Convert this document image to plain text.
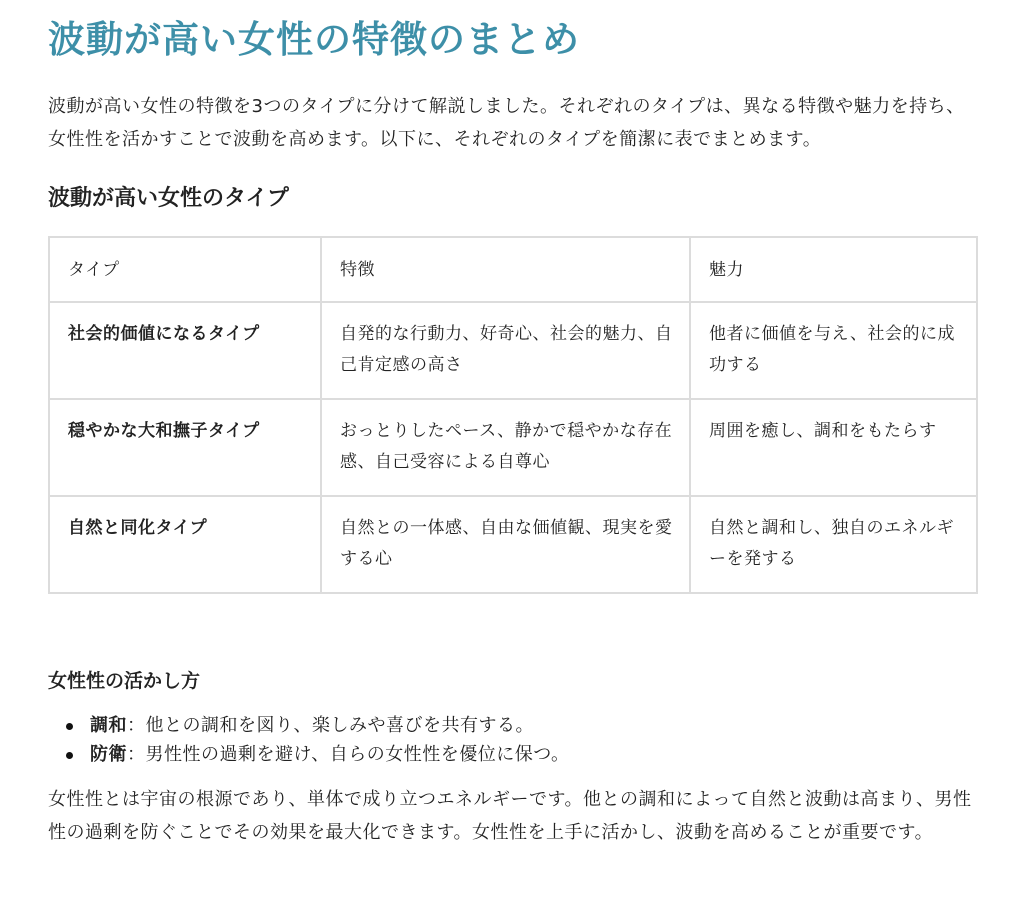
波動が高い女性の特徴のまとめ

波動が高い女性の特徴を3つのタイプに分けて解説しました。それぞれのタイプは、異なる特徴や魅力を持ち、女性性を活かすことで波動を高めます。以下に、それぞれのタイプを簡潔に表でまとめます。

波動が高い女性のタイプ
タイプ	特徴	魅力
社会的価値になるタイプ	自発的な行動力、好奇心、社会的魅力、自己肯定感の高さ	他者に価値を与え、社会的に成功する
穏やかな大和撫子タイプ	おっとりしたペース、静かで穏やかな存在感、自己受容による自尊心	周囲を癒し、調和をもたらす
自然と同化タイプ	自然との一体感、自由な価値観、現実を愛する心	自然と調和し、独自のエネルギーを発する
女性性の活かし方
調和：他との調和を図り、楽しみや喜びを共有する。
防衛：男性性の過剰を避け、自らの女性性を優位に保つ。

女性性とは宇宙の根源であり、単体で成り立つエネルギーです。他との調和によって自然と波動は高まり、男性性の過剰を防ぐことでその効果を最大化できます。女性性を上手に活かし、波動を高めることが重要です。
